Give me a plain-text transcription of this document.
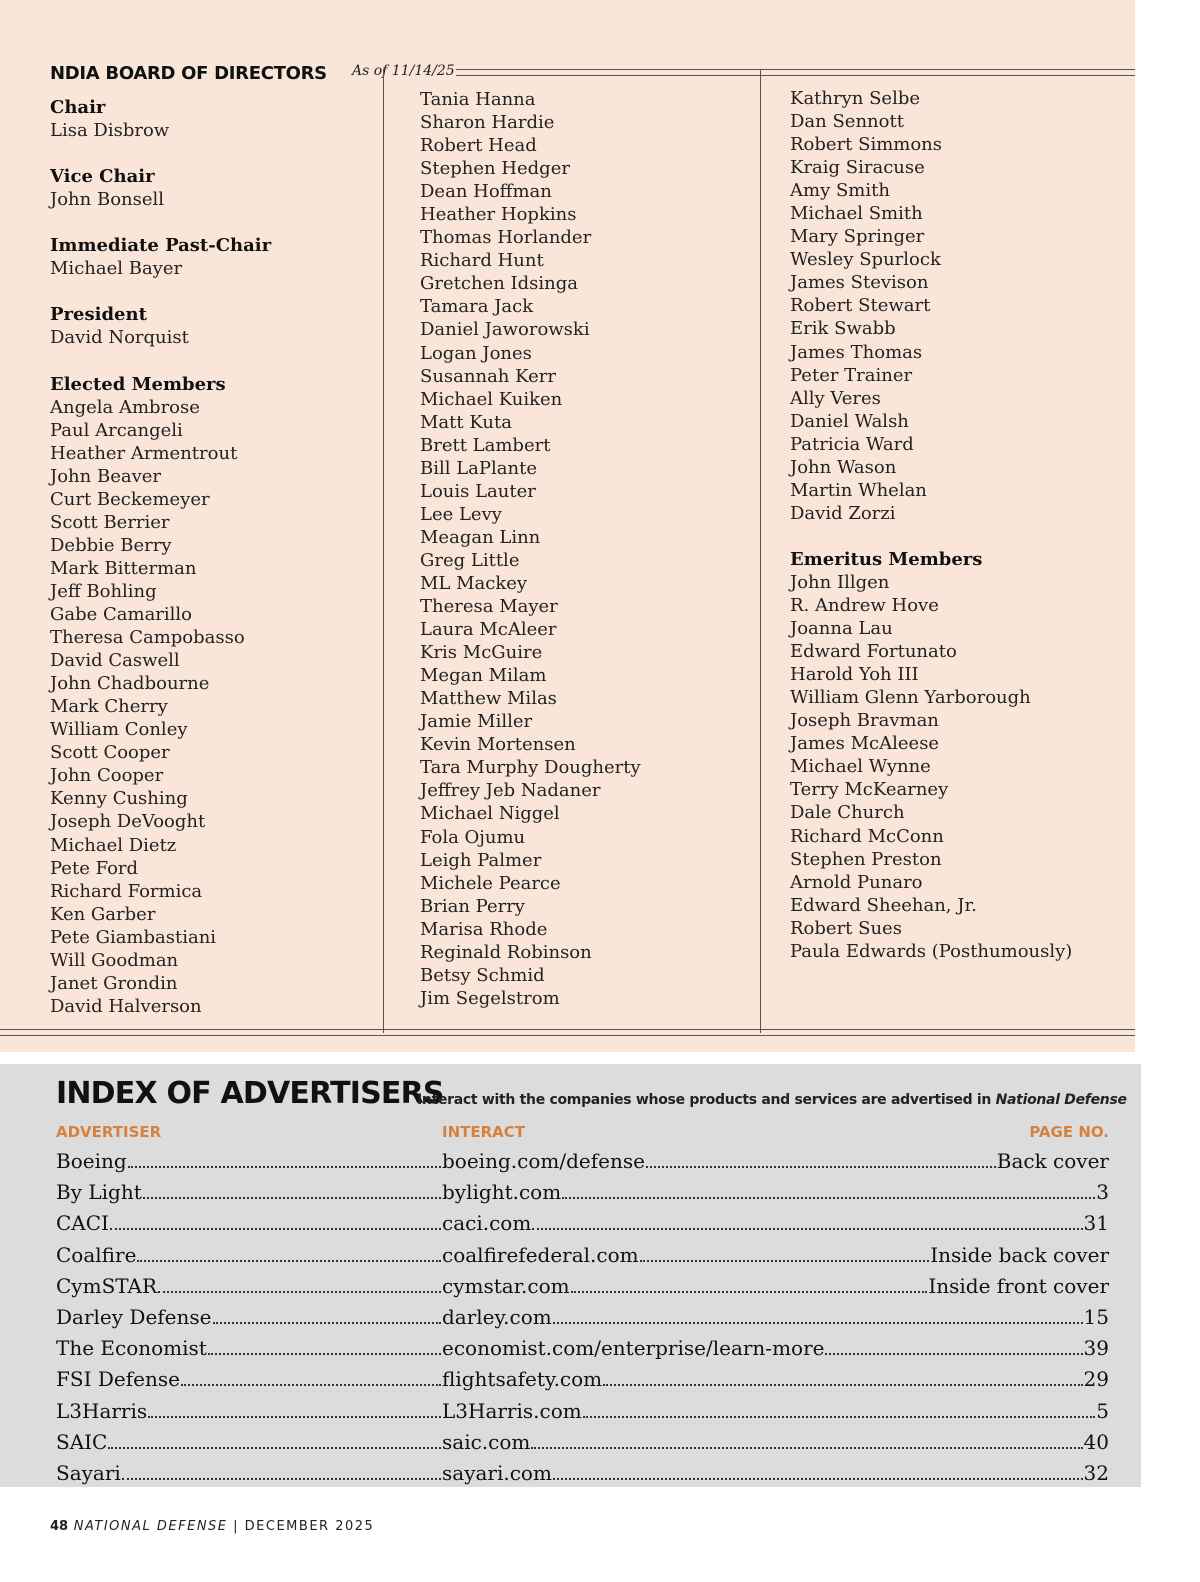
NDIA BOARD OF DIRECTORS As of 11/14/25
Chair
Lisa Disbrow
Vice Chair
John Bonsell
Immediate Past-Chair
Michael Bayer
President
David Norquist
Elected Members
Angela Ambrose
Paul Arcangeli
Heather Armentrout
John Beaver
Curt Beckemeyer
Scott Berrier
Debbie Berry
Mark Bitterman
Jeff Bohling
Gabe Camarillo
Theresa Campobasso
David Caswell
John Chadbourne
Mark Cherry
William Conley
Scott Cooper
John Cooper
Kenny Cushing
Joseph DeVooght
Michael Dietz
Pete Ford
Richard Formica
Ken Garber
Pete Giambastiani
Will Goodman
Janet Grondin
David Halverson
Tania Hanna
Sharon Hardie
Robert Head
Stephen Hedger
Dean Hoffman
Heather Hopkins
Thomas Horlander
Richard Hunt
Gretchen Idsinga
Tamara Jack
Daniel Jaworowski
Logan Jones
Susannah Kerr
Michael Kuiken
Matt Kuta
Brett Lambert
Bill LaPlante
Louis Lauter
Lee Levy
Meagan Linn
Greg Little
ML Mackey
Theresa Mayer
Laura McAleer
Kris McGuire
Megan Milam
Matthew Milas
Jamie Miller
Kevin Mortensen
Tara Murphy Dougherty
Jeffrey Jeb Nadaner
Michael Niggel
Fola Ojumu
Leigh Palmer
Michele Pearce
Brian Perry
Marisa Rhode
Reginald Robinson
Betsy Schmid
Jim Segelstrom
Kathryn Selbe
Dan Sennott
Robert Simmons
Kraig Siracuse
Amy Smith
Michael Smith
Mary Springer
Wesley Spurlock
James Stevison
Robert Stewart
Erik Swabb
James Thomas
Peter Trainer
Ally Veres
Daniel Walsh
Patricia Ward
John Wason
Martin Whelan
David Zorzi
Emeritus Members
John Illgen
R. Andrew Hove
Joanna Lau
Edward Fortunato
Harold Yoh III
William Glenn Yarborough
Joseph Bravman
James McAleese
Michael Wynne
Terry McKearney
Dale Church
Richard McConn
Stephen Preston
Arnold Punaro
Edward Sheehan, Jr.
Robert Sues
Paula Edwards (Posthumously)
INDEX OF ADVERTISERS
Interact with the companies whose products and services are advertised in National Defense
ADVERTISER	INTERACT	PAGE NO.
Boeing	boeing.com/defense	Back cover
By Light	bylight.com	3
CACI	caci.com	31
Coalfire	coalfirefederal.com	Inside back cover
CymSTAR	cymstar.com	Inside front cover
Darley Defense	darley.com	15
The Economist	economist.com/enterprise/learn-more	39
FSI Defense	flightsafety.com	29
L3Harris	L3Harris.com	5
SAIC	saic.com	40
Sayari	sayari.com	32
48 NATIONAL DEFENSE | DECEMBER 2025
